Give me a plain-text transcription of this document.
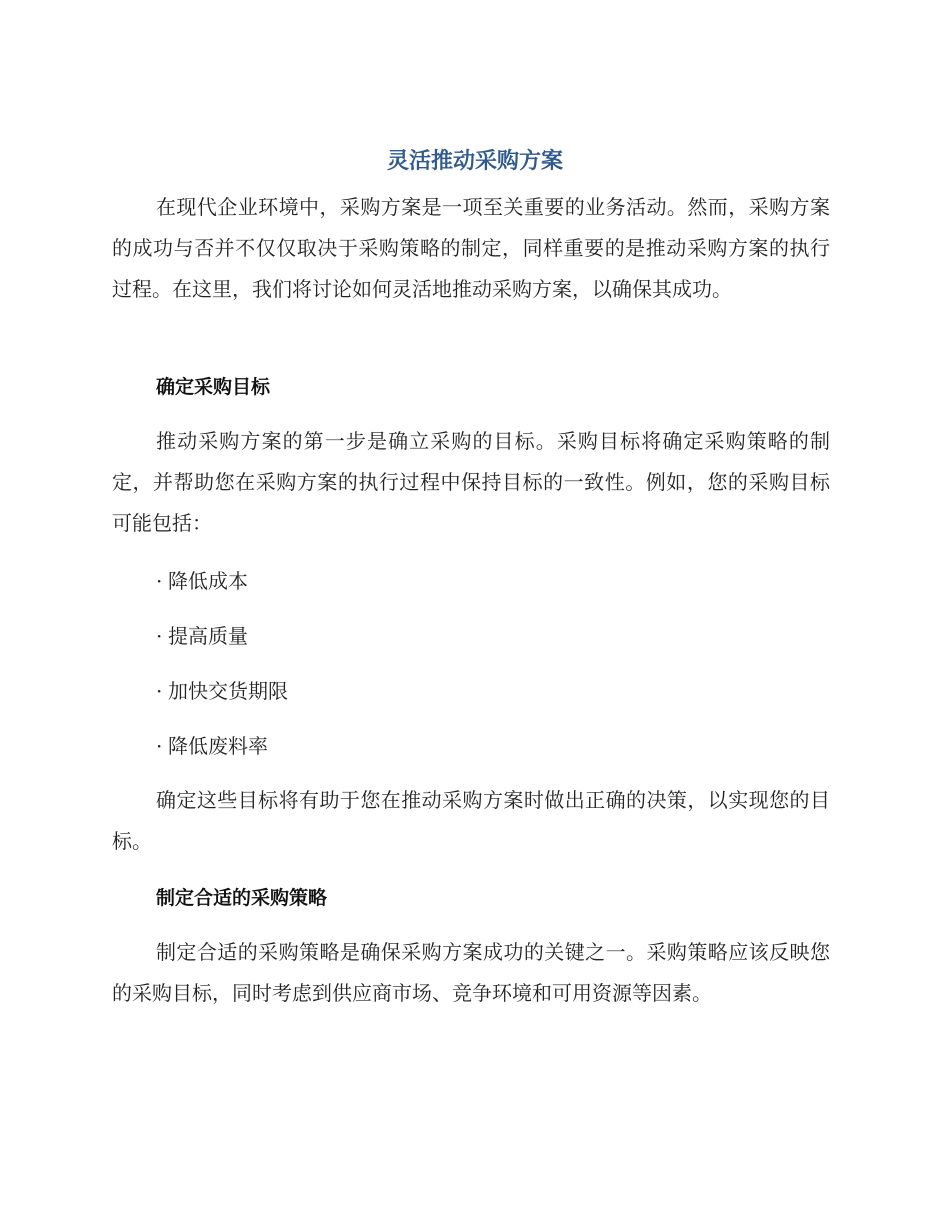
灵活推动采购方案

在现代企业环境中，采购方案是一项至关重要的业务活动。然而，采购方案的成功与否并不仅仅取决于采购策略的制定，同样重要的是推动采购方案的执行过程。在这里，我们将讨论如何灵活地推动采购方案，以确保其成功。

确定采购目标

推动采购方案的第一步是确立采购的目标。采购目标将确定采购策略的制定，并帮助您在采购方案的执行过程中保持目标的一致性。例如，您的采购目标可能包括：

· 降低成本
· 提高质量
· 加快交货期限
· 降低废料率

确定这些目标将有助于您在推动采购方案时做出正确的决策，以实现您的目标。

制定合适的采购策略

制定合适的采购策略是确保采购方案成功的关键之一。采购策略应该反映您的采购目标，同时考虑到供应商市场、竞争环境和可用资源等因素。
